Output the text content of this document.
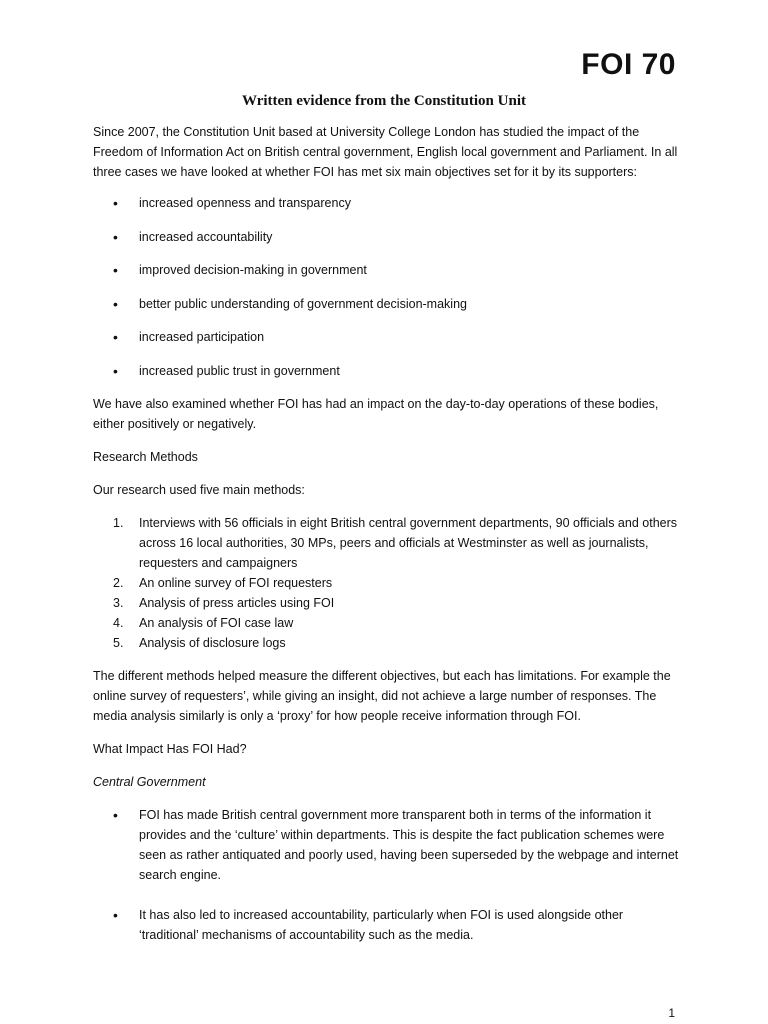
FOI 70
Written evidence from the Constitution Unit

Since 2007, the Constitution Unit based at University College London has studied the impact of the Freedom of Information Act on British central government, English local government and Parliament. In all three cases we have looked at whether FOI has met six main objectives set for it by its supporters:

• increased openness and transparency
• increased accountability
• improved decision-making in government
• better public understanding of government decision-making
• increased participation
• increased public trust in government

We have also examined whether FOI has had an impact on the day-to-day operations of these bodies, either positively or negatively.

Research Methods

Our research used five main methods:

1. Interviews with 56 officials in eight British central government departments, 90 officials and others across 16 local authorities, 30 MPs, peers and officials at Westminster as well as journalists, requesters and campaigners
2. An online survey of FOI requesters
3. Analysis of press articles using FOI
4. An analysis of FOI case law
5. Analysis of disclosure logs

The different methods helped measure the different objectives, but each has limitations. For example the online survey of requesters’, while giving an insight, did not achieve a large number of responses. The media analysis similarly is only a ‘proxy’ for how people receive information through FOI.

What Impact Has FOI Had?

Central Government

• FOI has made British central government more transparent both in terms of the information it provides and the ‘culture’ within departments. This is despite the fact publication schemes were seen as rather antiquated and poorly used, having been superseded by the webpage and internet search engine.
• It has also led to increased accountability, particularly when FOI is used alongside other ‘traditional’ mechanisms of accountability such as the media.
1
